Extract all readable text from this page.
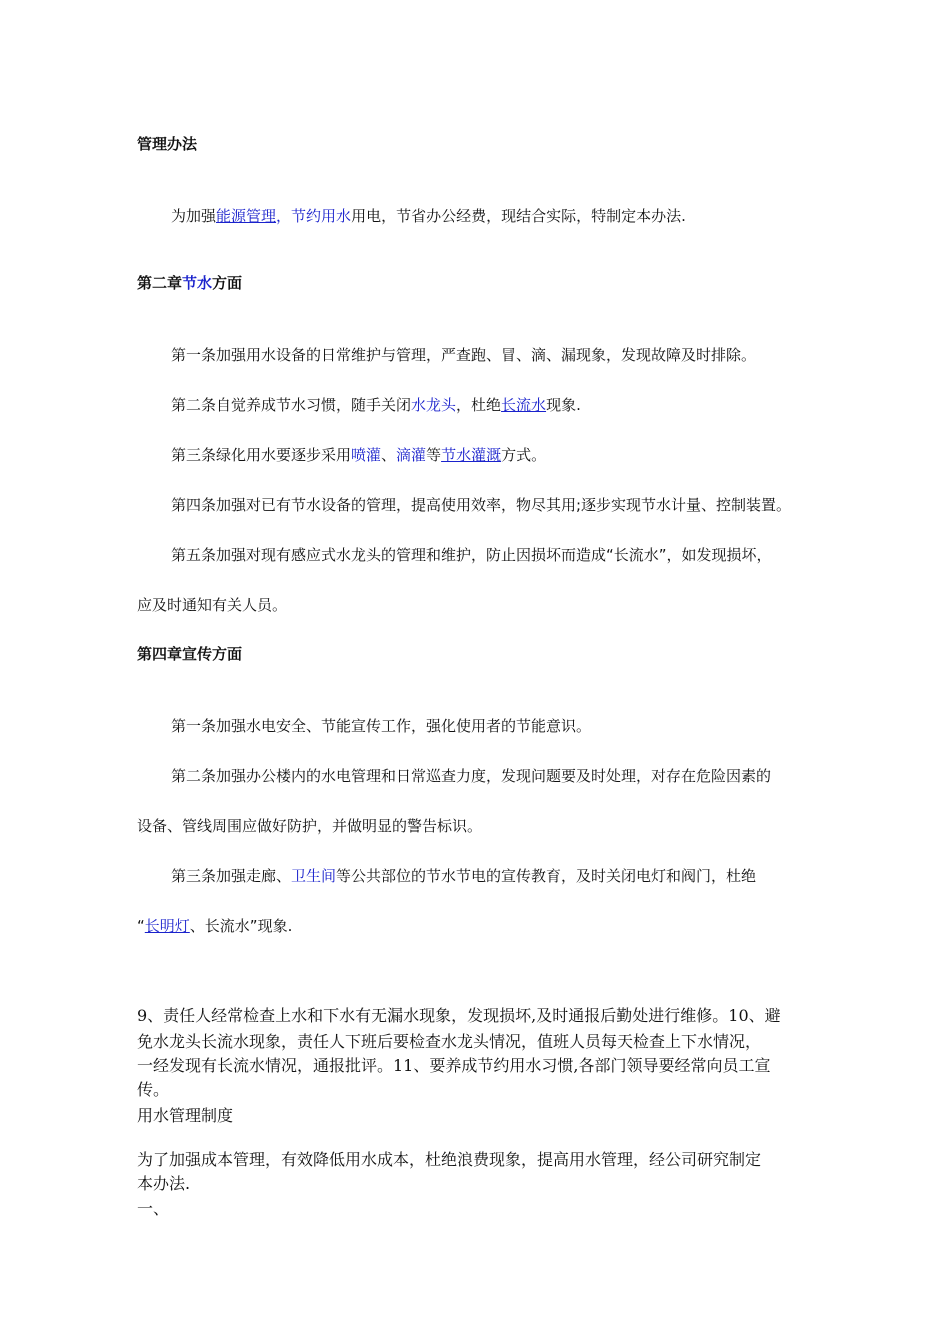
管理办法
为加强能源管理，节约用水用电，节省办公经费，现结合实际，特制定本办法.
第二章节水方面
第一条加强用水设备的日常维护与管理，严查跑、冒、滴、漏现象，发现故障及时排除。
第二条自觉养成节水习惯，随手关闭水龙头，杜绝长流水现象.
第三条绿化用水要逐步采用喷灌、滴灌等节水灌溉方式。
第四条加强对已有节水设备的管理，提高使用效率，物尽其用;逐步实现节水计量、控制装置。
第五条加强对现有感应式水龙头的管理和维护，防止因损坏而造成“长流水”，如发现损坏，
应及时通知有关人员。
第四章宣传方面
第一条加强水电安全、节能宣传工作，强化使用者的节能意识。
第二条加强办公楼内的水电管理和日常巡查力度，发现问题要及时处理，对存在危险因素的
设备、管线周围应做好防护，并做明显的警告标识。
第三条加强走廊、卫生间等公共部位的节水节电的宣传教育，及时关闭电灯和阀门，杜绝
“长明灯、长流水”现象.
9、责任人经常检查上水和下水有无漏水现象，发现损坏,及时通报后勤处进行维修。10、避
免水龙头长流水现象，责任人下班后要检查水龙头情况，值班人员每天检查上下水情况，
一经发现有长流水情况，通报批评。11、要养成节约用水习惯,各部门领导要经常向员工宣
传。
用水管理制度
为了加强成本管理，有效降低用水成本，杜绝浪费现象，提高用水管理，经公司研究制定
本办法.
一、
